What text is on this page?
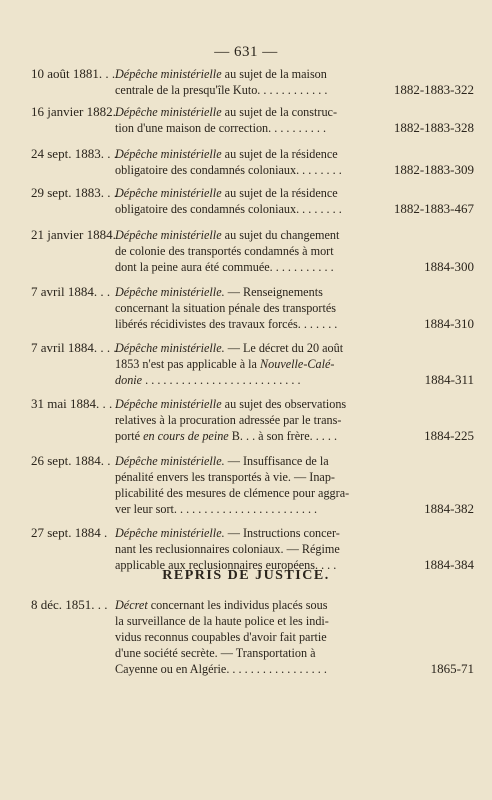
— 631 —
10 août 1881. . . Dépêche ministérielle au sujet de la maison
centrale de la presqu'île Kuto. . . . . . . . . . . .	1882-1883-322
16 janvier 1882. Dépêche ministérielle au sujet de la construc-
tion d'une maison de correction. . . . . . . . . .	1882-1883-328
24 sept. 1883. . .
Dépêche ministérielle au sujet de la résidence
obligatoire des condamnés coloniaux. . . . . . . .	1882-1883-309
29 sept. 1883. . .
Dépêche ministérielle au sujet de la résidence
obligatoire des condamnés coloniaux. . . . . . . .	1882-1883-467
21 janvier 1884. Dépêche ministérielle au sujet du changement
de colonie des transportés condamnés à mort
dont la peine aura été commuée. . . . . . . . . . .	1884-300
7 avril 1884. . . Dépêche ministérielle. — Renseignements
concernant la situation pénale des transportés
libérés récidivistes des travaux forcés. . . . . . .	1884-310
7 avril 1884. . . .
Dépêche ministérielle. — Le décret du 20 août
1853 n'est pas applicable à la Nouvelle-Calé-
donie . . . . . . . . . . . . . . . . . . . . . . . . . .	1884-311
31 mai 1884. . . Dépêche ministérielle au sujet des observations
relatives à la procuration adressée par le trans-
porté en cours de peine B. . . à son frère. . . . .	1884-225
26 sept. 1884. . Dépêche ministérielle. — Insuffisance de la
pénalité envers les transportés à vie. — Inap-
plicabilité des mesures de clémence pour aggra-
ver leur sort. . . . . . . . . . . . . . . . . . . . . . . .	1884-382
27 sept. 1884 . Dépêche ministérielle. — Instructions concer-
nant les reclusionnaires coloniaux. — Régime
applicable aux reclusionnaires européens. . . .	1884-384
REPRIS DE JUSTICE.
8 déc. 1851. . . Décret concernant les individus placés sous
la surveillance de la haute police et les indi-
vidus reconnus coupables d'avoir fait partie
d'une société secrète. — Transportation à
Cayenne ou en Algérie. . . . . . . . . . . . . . . . .	1865-71
